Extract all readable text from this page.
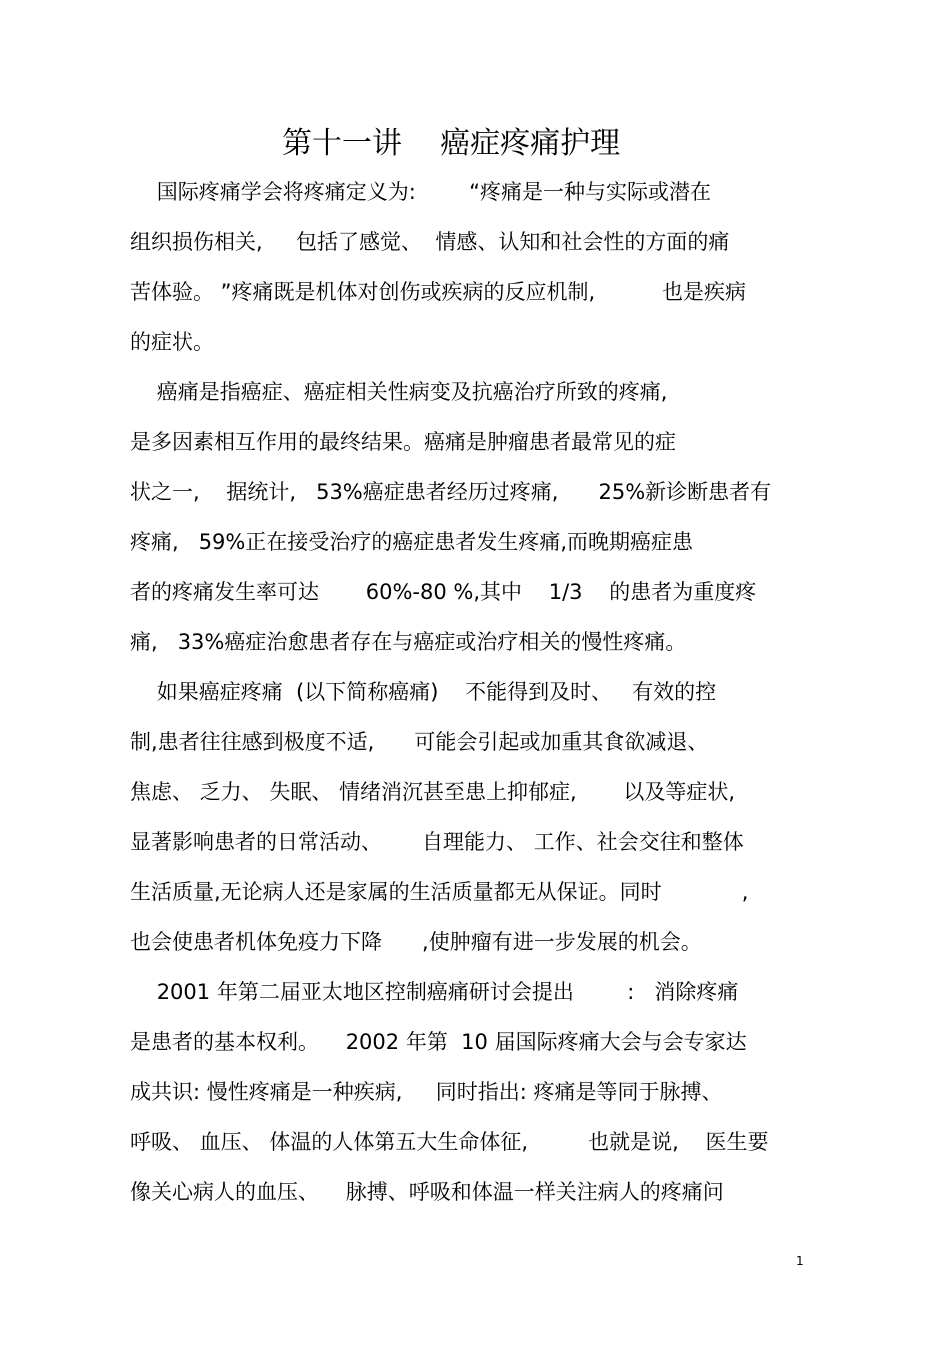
第十一讲    癌症疼痛护理
国际疼痛学会将疼痛定义为:        “疼痛是一种与实际或潜在
组织损伤相关,     包括了感觉、  情感、认知和社会性的方面的痛
苦体验。 ”疼痛既是机体对创伤或疾病的反应机制,          也是疾病
的症状。
癌痛是指癌症、癌症相关性病变及抗癌治疗所致的疼痛,
是多因素相互作用的最终结果。癌痛是肿瘤患者最常见的症
状之一,    据统计,   53%癌症患者经历过疼痛,      25%新诊断患者有
疼痛,   59%正在接受治疗的癌症患者发生疼痛,而晚期癌症患
者的疼痛发生率可达       60%-80 %,其中    1/3    的患者为重度疼
痛,   33%癌症治愈患者存在与癌症或治疗相关的慢性疼痛。
如果癌症疼痛  (以下简称癌痛)    不能得到及时、   有效的控
制,患者往往感到极度不适,      可能会引起或加重其食欲减退、
焦虑、 乏力、 失眠、 情绪消沉甚至患上抑郁症,       以及等症状,
显著影响患者的日常活动、      自理能力、 工作、社会交往和整体
生活质量,无论病人还是家属的生活质量都无从保证。同时            ,
也会使患者机体免疫力下降      ,使肿瘤有进一步发展的机会。
2001 年第二届亚太地区控制癌痛研讨会提出        :   消除疼痛
是患者的基本权利。    2002 年第  10 届国际疼痛大会与会专家达
成共识: 慢性疼痛是一种疾病,     同时指出: 疼痛是等同于脉搏、
呼吸、 血压、 体温的人体第五大生命体征,         也就是说,    医生要
像关心病人的血压、    脉搏、呼吸和体温一样关注病人的疼痛问
1
